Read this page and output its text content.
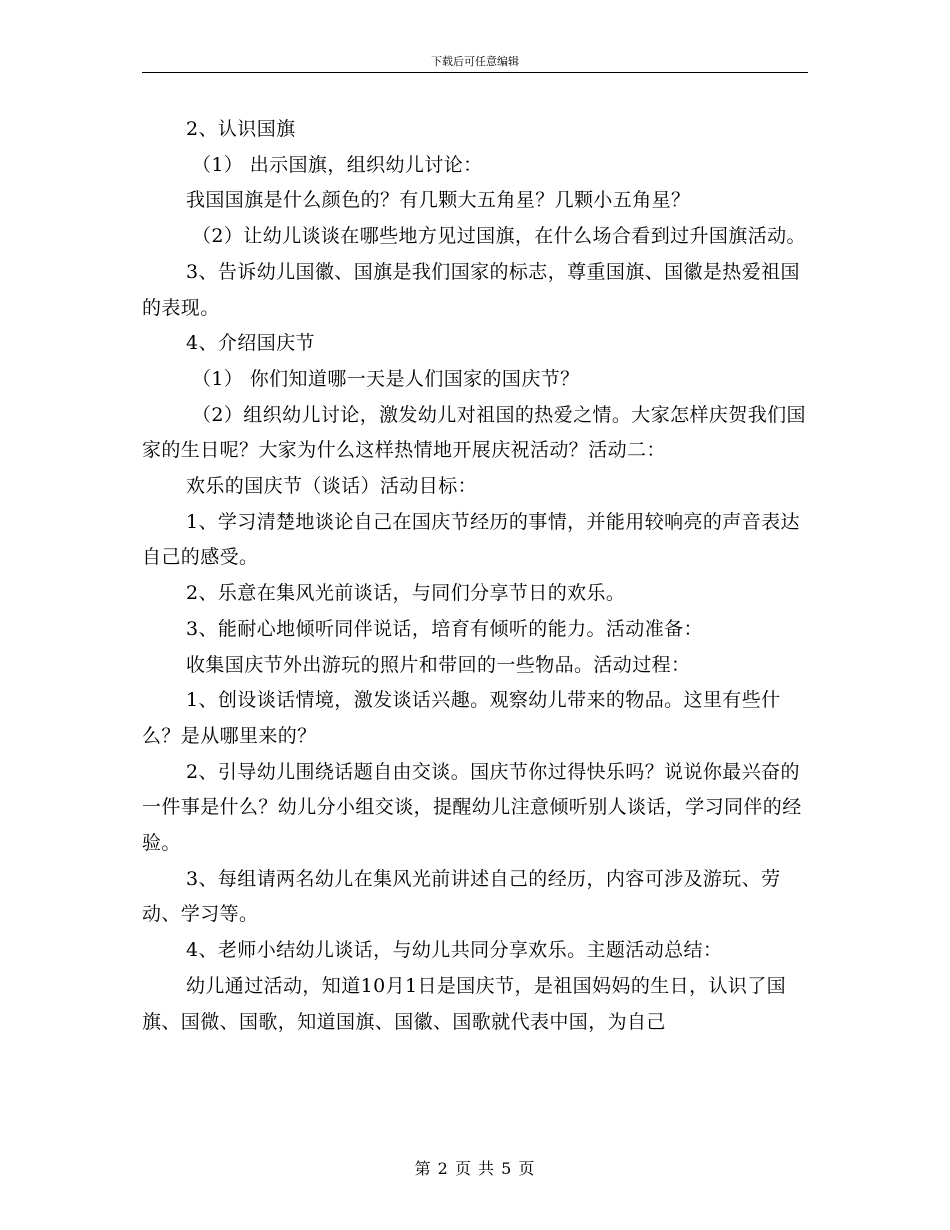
下载后可任意编辑

2、认识国旗

（1） 出示国旗，组织幼儿讨论：

我国国旗是什么颜色的？有几颗大五角星？几颗小五角星？

（2）让幼儿谈谈在哪些地方见过国旗，在什么场合看到过升国旗活动。

3、告诉幼儿国徽、国旗是我们国家的标志，尊重国旗、国徽是热爱祖国的表现。

4、介绍国庆节

（1） 你们知道哪一天是人们国家的国庆节？

（2）组织幼儿讨论，激发幼儿对祖国的热爱之情。大家怎样庆贺我们国家的生日呢？大家为什么这样热情地开展庆祝活动？活动二：

欢乐的国庆节（谈话）活动目标：

1、学习清楚地谈论自己在国庆节经历的事情，并能用较响亮的声音表达自己的感受。

2、乐意在集风光前谈话，与同们分享节日的欢乐。

3、能耐心地倾听同伴说话，培育有倾听的能力。活动准备：

收集国庆节外出游玩的照片和带回的一些物品。活动过程：

1、创设谈话情境，激发谈话兴趣。观察幼儿带来的物品。这里有些什么？是从哪里来的？

2、引导幼儿围绕话题自由交谈。国庆节你过得快乐吗？说说你最兴奋的一件事是什么？幼儿分小组交谈，提醒幼儿注意倾听别人谈话，学习同伴的经验。

3、每组请两名幼儿在集风光前讲述自己的经历，内容可涉及游玩、劳动、学习等。

4、老师小结幼儿谈话，与幼儿共同分享欢乐。主题活动总结：

幼儿通过活动，知道10月1日是国庆节，是祖国妈妈的生日，认识了国旗、国微、国歌，知道国旗、国徽、国歌就代表中国，为自己

第 2 页 共 5 页
